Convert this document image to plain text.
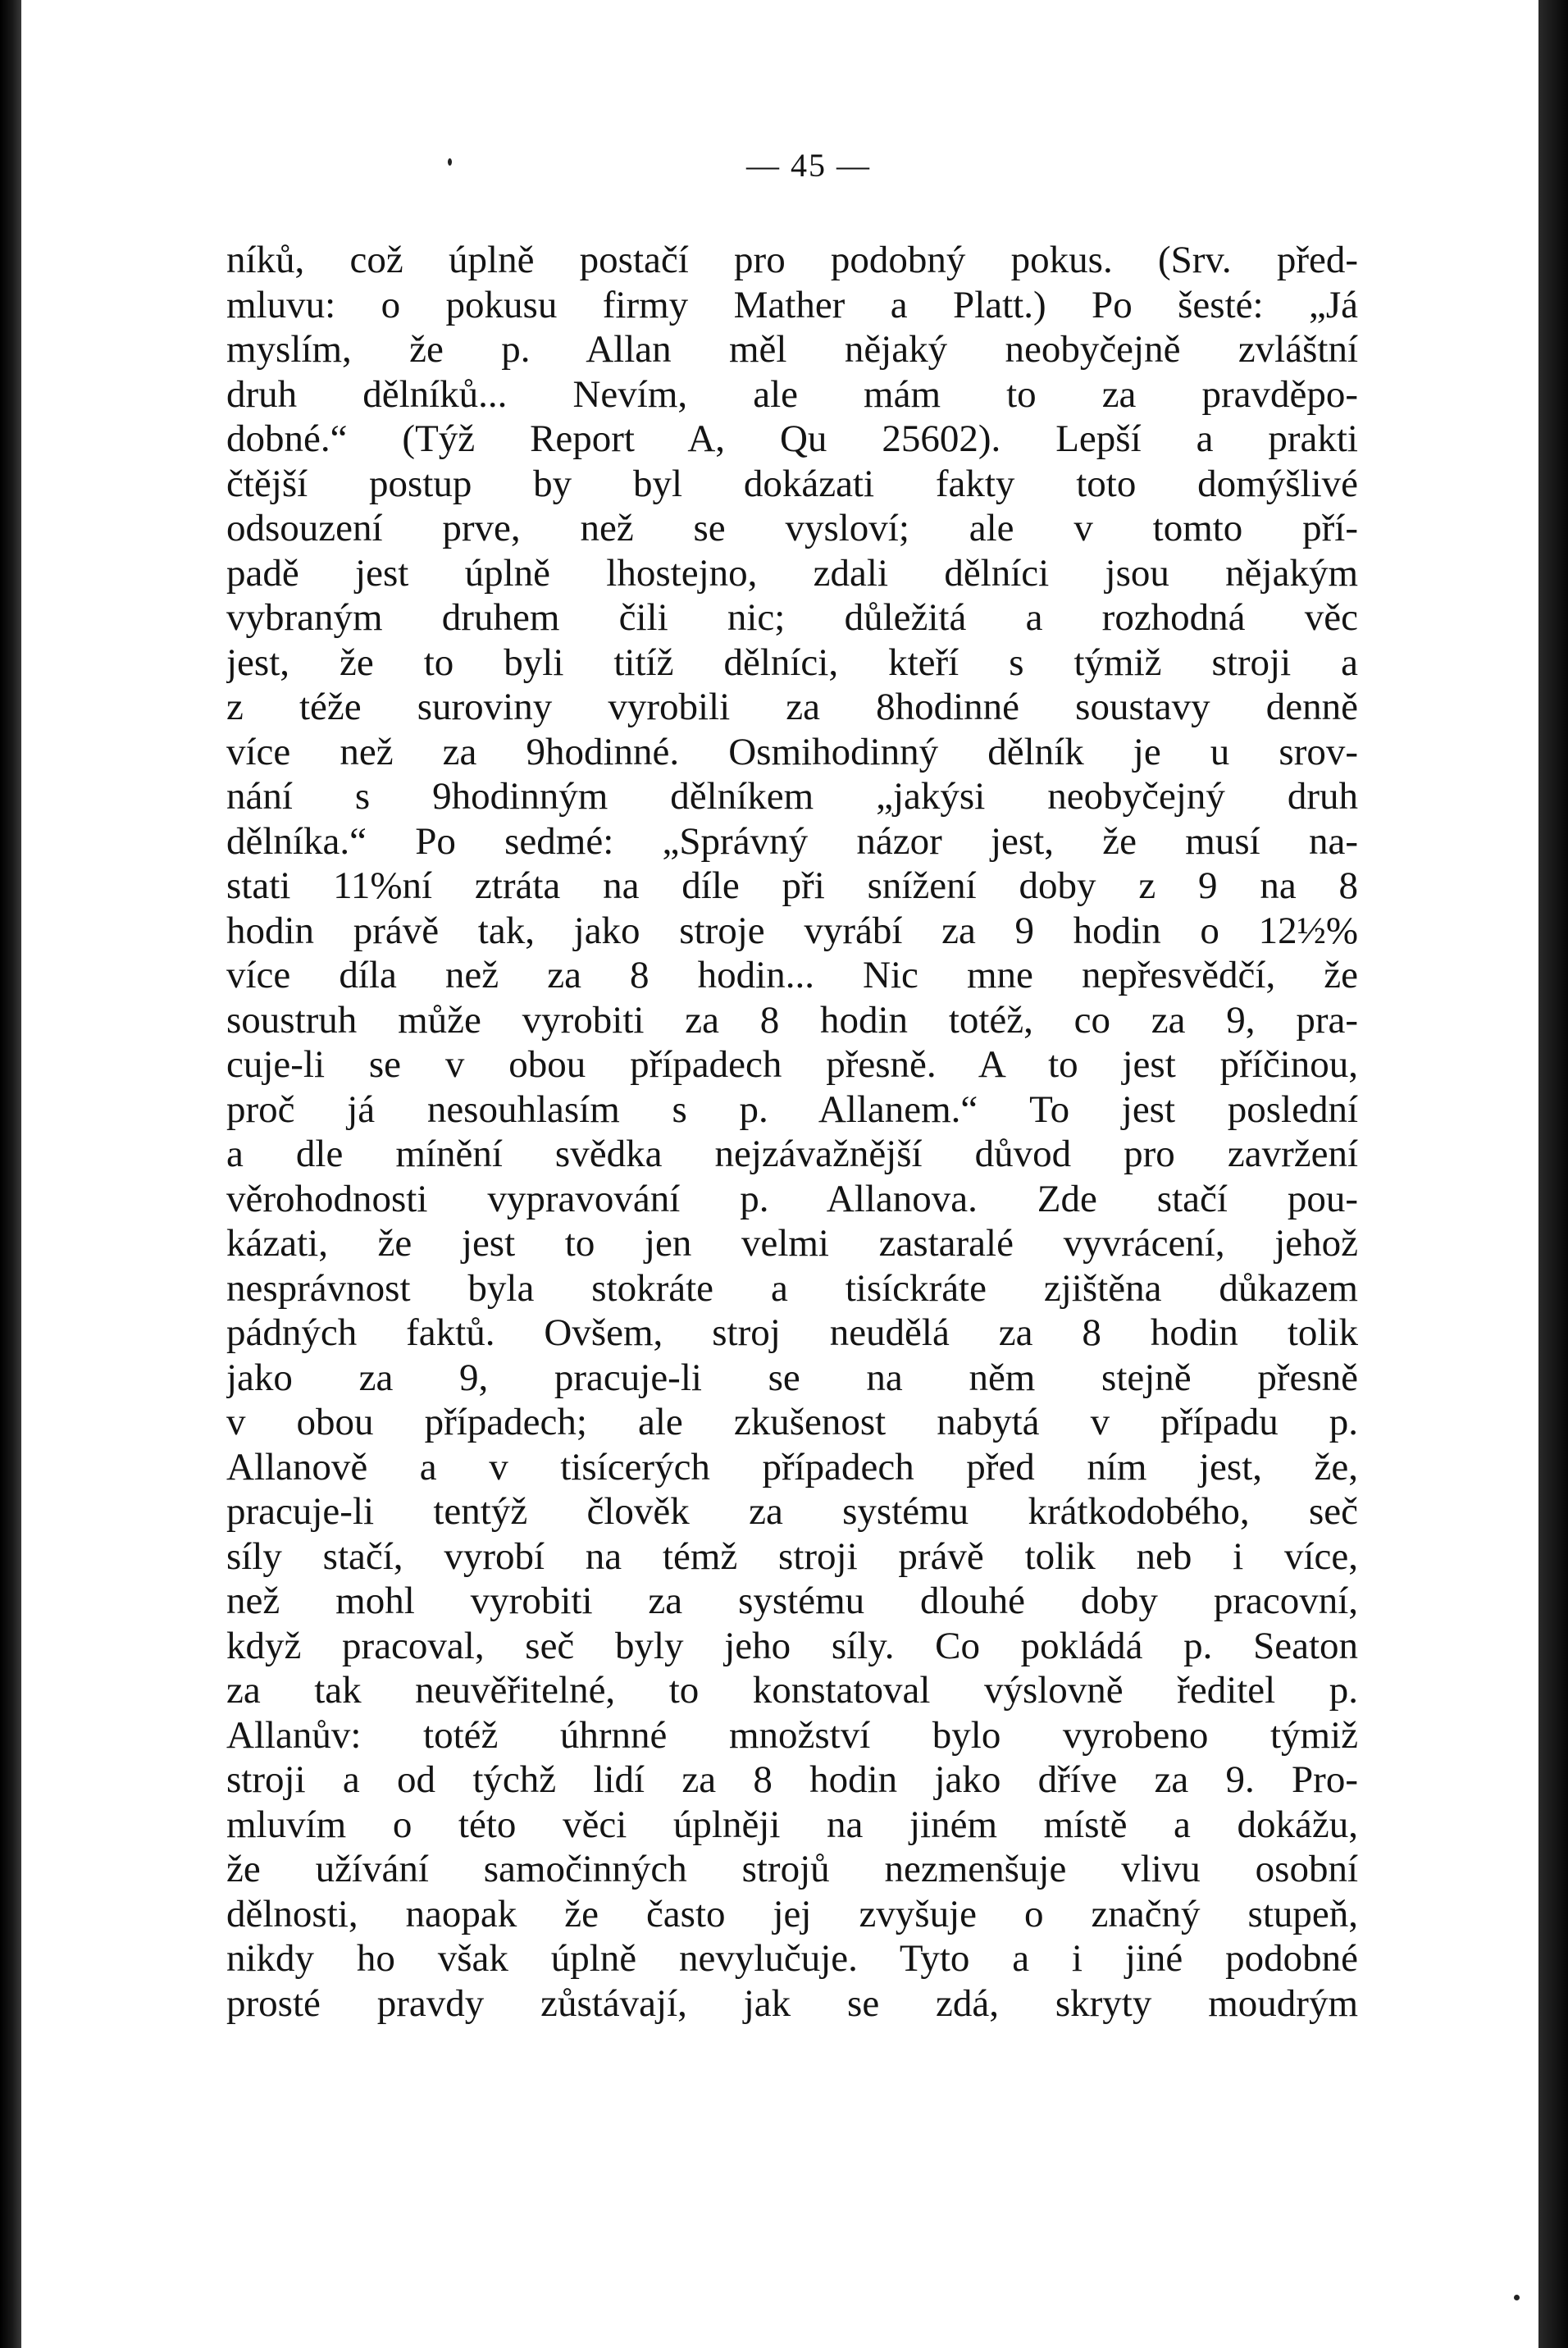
— 45 —
níků, což úplně postačí pro podobný pokus. (Srv. před-
mluvu: o pokusu firmy Mather a Platt.) Po šesté: „Já
myslím, že p. Allan měl nějaký neobyčejně zvláštní
druh dělníků... Nevím, ale mám to za pravděpo-
dobné.“ (Týž Report A, Qu 25602). Lepší a prakti
čtější postup by byl dokázati fakty toto domýšlivé
odsouzení prve, než se vysloví; ale v tomto pří-
padě jest úplně lhostejno, zdali dělníci jsou nějakým
vybraným druhem čili nic; důležitá a rozhodná věc
jest, že to byli titíž dělníci, kteří s týmiž stroji a
z téže suroviny vyrobili za 8hodinné soustavy denně
více než za 9hodinné. Osmihodinný dělník je u srov-
nání s 9hodinným dělníkem „jakýsi neobyčejný druh
dělníka.“ Po sedmé: „Správný názor jest, že musí na-
stati 11%ní ztráta na díle při snížení doby z 9 na 8
hodin právě tak, jako stroje vyrábí za 9 hodin o 12½%
více díla než za 8 hodin... Nic mne nepřesvědčí, že
soustruh může vyrobiti za 8 hodin totéž, co za 9, pra-
cuje-li se v obou případech přesně. A to jest příčinou,
proč já nesouhlasím s p. Allanem.“ To jest poslední
a dle mínění svědka nejzávažnější důvod pro zavržení
věrohodnosti vypravování p. Allanova. Zde stačí pou-
kázati, že jest to jen velmi zastaralé vyvrácení, jehož
nesprávnost byla stokráte a tisíckráte zjištěna důkazem
pádných faktů. Ovšem, stroj neudělá za 8 hodin tolik
jako za 9, pracuje-li se na něm stejně přesně
v obou případech; ale zkušenost nabytá v případu p.
Allanově a v tisícerých případech před ním jest, že,
pracuje-li tentýž člověk za systému krátkodobého, seč
síly stačí, vyrobí na témž stroji právě tolik neb i více,
než mohl vyrobiti za systému dlouhé doby pracovní,
když pracoval, seč byly jeho síly. Co pokládá p. Seaton
za tak neuvěřitelné, to konstatoval výslovně ředitel p.
Allanův: totéž úhrnné množství bylo vyrobeno týmiž
stroji a od týchž lidí za 8 hodin jako dříve za 9. Pro-
mluvím o této věci úplněji na jiném místě a dokážu,
že užívání samočinných strojů nezmenšuje vlivu osobní
dělnosti, naopak že často jej zvyšuje o značný stupeň,
nikdy ho však úplně nevylučuje. Tyto a i jiné podobné
prosté pravdy zůstávají, jak se zdá, skryty moudrým
